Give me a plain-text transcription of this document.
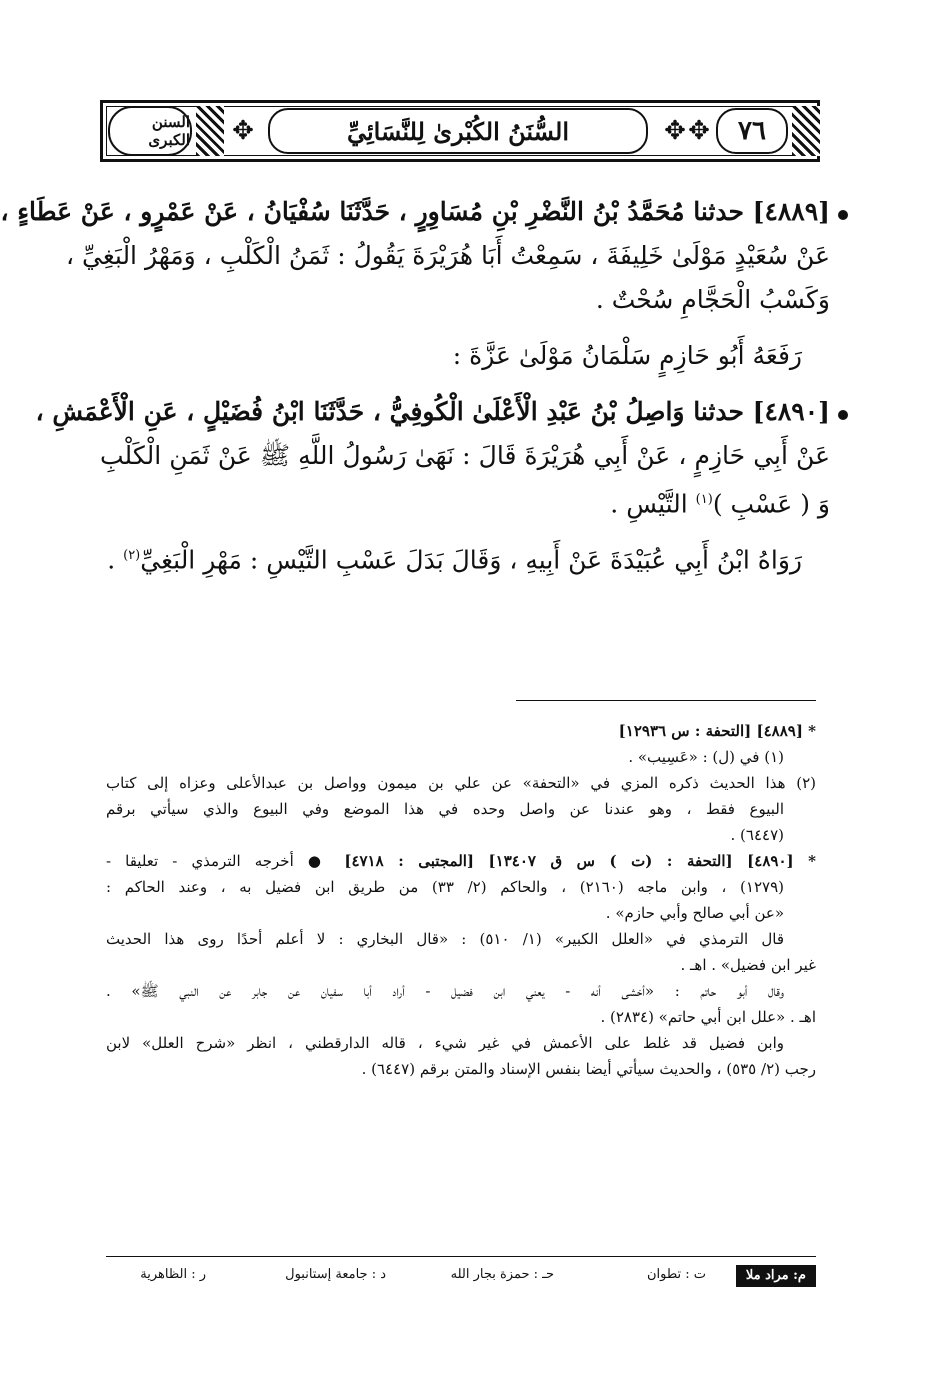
السنن الكبرى ✥	السُّنَنُ الكُبْرىٰ لِلنَّسَائِيِّ	✥	٧٦
✥
[٤٨٨٩] حدثنا مُحَمَّدُ بْنُ النَّضْرِ بْنِ مُسَاوِرٍ ، حَدَّثَنَا سُفْيَانُ ، عَنْ عَمْرٍو ، عَنْ عَطَاءٍ ،
عَنْ سُعَيْدٍ مَوْلَىٰ خَلِيفَةَ ، سَمِعْتُ أَبَا هُرَيْرَةَ يَقُولُ : ثَمَنُ الْكَلْبِ ، وَمَهْرُ الْبَغِيِّ ،
وَكَسْبُ الْحَجَّامِ سُحْتٌ .
رَفَعَهُ أَبُو حَازِمٍ سَلْمَانُ مَوْلَىٰ عَزَّةَ :
[٤٨٩٠] حدثنا وَاصِلُ بْنُ عَبْدِ الْأَعْلَىٰ الْكُوفِيُّ ، حَدَّثَنَا ابْنُ فُضَيْلٍ ، عَنِ الْأَعْمَشِ ،
عَنْ أَبِي حَازِمٍ ، عَنْ أَبِي هُرَيْرَةَ قَالَ : نَهَىٰ رَسُولُ اللَّهِ ﷺ عَنْ ثَمَنِ الْكَلْبِ
وَ ( عَسْبِ )$^{(١)}$ التَّيْسِ .
رَوَاهُ ابْنُ أَبِي عُبَيْدَةَ عَنْ أَبِيهِ ، وَقَالَ بَدَلَ عَسْبِ التَّيْسِ : مَهْرِ الْبَغِيِّ$^{(٢)}$ .
* [٤٨٨٩] [التحفة : س ١٢٩٣٦]
(١) في (ل) : «عَسِيب» .
(٢) هذا الحديث ذكره المزي في «التحفة» عن علي بن ميمون وواصل بن عبدالأعلى وعزاه إلى كتاب
البيوع فقط ، وهو عندنا عن واصل وحده في هذا الموضع وفي البيوع والذي سيأتي برقم
(٦٤٤٧) .
* [٤٨٩٠] [التحفة : (ت ) س ق ١٣٤٠٧] [المجتبى : ٤٧١٨] ● أخرجه الترمذي - تعليقا -
(١٢٧٩) ، وابن ماجه (٢١٦٠) ، والحاكم (٢/ ٣٣) من طريق ابن فضيل به ، وعند الحاكم :
«عن أبي صالح وأبي حازم» .
قال الترمذي في «العلل الكبير» (١/ ٥١٠) : «قال البخاري : لا أعلم أحدًا روى هذا الحديث
غير ابن فضيل» . اهـ .
وقال أبو حاتم : «أخشى أنه - يعني ابن فضيل - أراد أبا سفيان عن جابر عن النبي ﷺ» .
اهـ . «علل ابن أبي حاتم» (٢٨٣٤) .
وابن فضيل قد غلط على الأعمش في غير شيء ، قاله الدارقطني ، انظر «شرح العلل» لابن
رجب (٢/ ٥٣٥) ، والحديث سيأتي أيضا بنفس الإسناد والمتن برقم (٦٤٤٧) .
م: مراد ملا
ت : تطوان
حـ : حمزة بجار الله
د : جامعة إستانبول
ر : الظاهرية
